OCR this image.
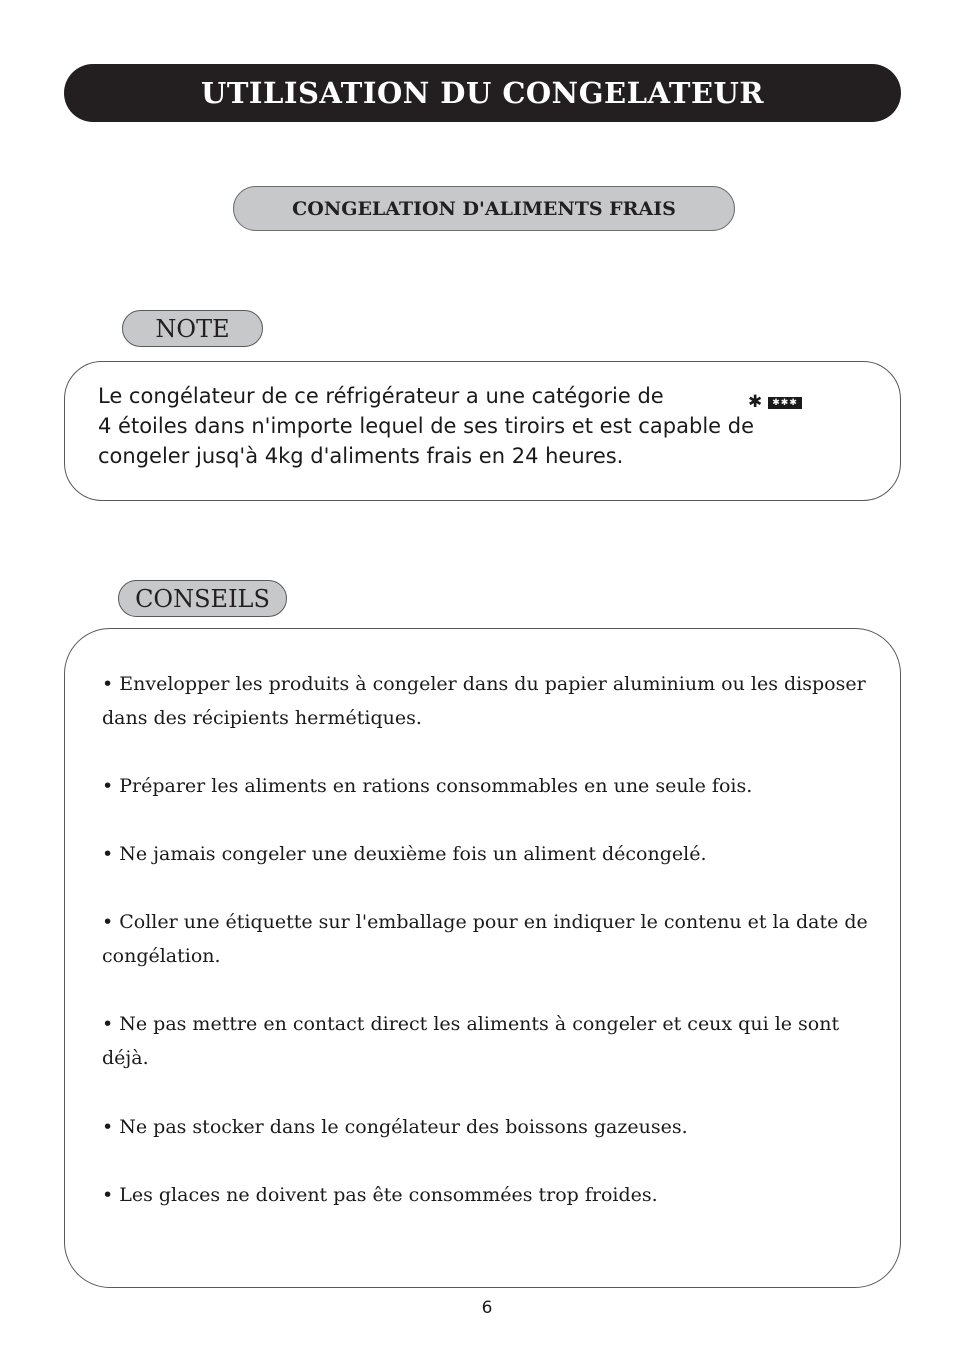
UTILISATION DU CONGELATEUR
CONGELATION D'ALIMENTS FRAIS
NOTE
Le congélateur de ce réfrigérateur a une catégorie de
4 étoiles dans n'importe lequel de ses tiroirs et est capable de
congeler jusq'à 4kg d'aliments frais en 24 heures.
✱	✱✱✱
CONSEILS
• Envelopper les produits à congeler dans du papier aluminium ou les disposer dans des récipients hermétiques.
• Préparer les aliments en rations consommables en une seule fois.
• Ne jamais congeler une deuxième fois un aliment décongelé.
• Coller une étiquette sur l'emballage pour en indiquer le contenu et la date de congélation.
• Ne pas mettre en contact direct les aliments à congeler et ceux qui le sont déjà.
• Ne pas stocker dans le congélateur des boissons gazeuses.
• Les glaces ne doivent pas ête consommées trop froides.
6
